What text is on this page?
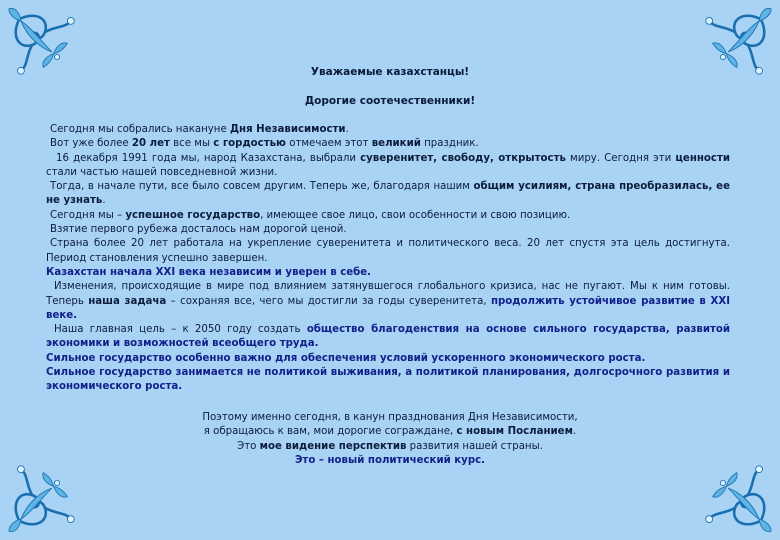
Уважаемые казахстанцы!
Дорогие соотечественники!

Сегодня мы собрались накануне Дня Независимости.

Вот уже более 20 лет все мы с гордостью отмечаем этот великий праздник.

16 декабря 1991 года мы, народ Казахстана, выбрали суверенитет, свободу, открытость миру. Сегодня эти ценности стали частью нашей повседневной жизни.

Тогда, в начале пути, все было совсем другим. Теперь же, благодаря нашим общим усилиям, страна преобразилась, ее не узнать.

Сегодня мы – успешное государство, имеющее свое лицо, свои особенности и свою позицию.

Взятие первого рубежа досталось нам дорогой ценой.

Страна более 20 лет работала на укрепление суверенитета и политического веса. 20 лет спустя эта цель достигнута. Период становления успешно завершен.

Казахстан начала XXI века независим и уверен в себе.

Изменения, происходящие в мире под влиянием затянувшегося глобального кризиса, нас не пугают. Мы к ним готовы. Теперь наша задача – сохраняя все, чего мы достигли за годы суверенитета, продолжить устойчивое развитие в XXI веке.

Наша главная цель – к 2050 году создать общество благоденствия на основе сильного государства, развитой экономики и возможностей всеобщего труда.

Сильное государство особенно важно для обеспечения условий ускоренного экономического роста.

Сильное государство занимается не политикой выживания, а политикой планирования, долгосрочного развития и экономического роста.

Поэтому именно сегодня, в канун празднования Дня Независимости,

я обращаюсь к вам, мои дорогие сограждане, с новым Посланием.

Это мое видение перспектив развития нашей страны.

Это – новый политический курс.
